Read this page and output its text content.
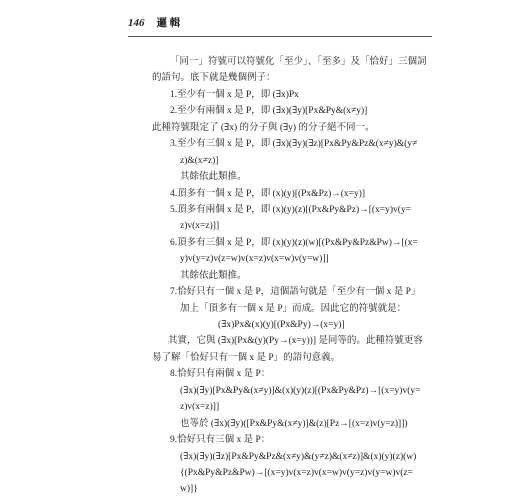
146 邏 輯
「同一」符號可以符號化「至少」、「至多」及「恰好」三個詞
的語句。底下就是幾個例子：
1.至少有一個 x 是 P，即 (∃x)Px
2.至少有兩個 x 是 P，即 (∃x)(∃y)[Px&Py&(x≠y)]
此種符號限定了 (∃x) 的分子與 (∃y) 的分子絕不同一。
3.至少有三個 x 是 P，即 (∃x)(∃y)(∃z)[Px&Py&Pz&(x≠y)&(y≠
z)&(x≠z)]
其餘依此類推。
4.頂多有一個 x 是 P，即 (x)(y)[(Px&Pz)→(x=y)]
5.頂多有兩個 x 是 P，即 (x)(y)(z)[(Px&Py&Pz)→[(x=y)v(y=
z)v(x=z)]]
6.頂多有三個 x 是 P，即 (x)(y)(z)(w)[(Px&Py&Pz&Pw)→[(x=
y)v(y=z)v(z=w)v(x=z)v(x=w)v(y=w)]]
其餘依此類推。
7.恰好只有一個 x 是 P，這個語句就是「至少有一個 x 是 P」
加上「頂多有一個 x 是 P」而成。因此它的符號就是：
(∃x)Px&(x)(y)[(Px&Py)→(x=y)]
其實，它與 (∃x)[Px&(y)(Py→(x=y))] 是同等的。此種符號更容
易了解「恰好只有一個 x 是 P」的語句意義。
8.恰好只有兩個 x 是 P：
(∃x)(∃y)[Px&Py&(x≠y)]&(x)(y)(z)[(Px&Py&Pz)→[(x=y)v(y=
z)v(x=z)]]
也等於 (∃x)(∃y)([Px&Py&(x≠y)]&(z)[Pz→[(x=z)v(y=z)]])
9.恰好只有三個 x 是 P：
(∃x)(∃y)(∃z)[Px&Py&Pz&(x≠y)&(y≠z)&(x≠z)]&(x)(y)(z)(w)
{(Px&Py&Pz&Pw)→[(x=y)v(x=z)v(x=w)v(y=z)v(y=w)v(z=
w)]}
